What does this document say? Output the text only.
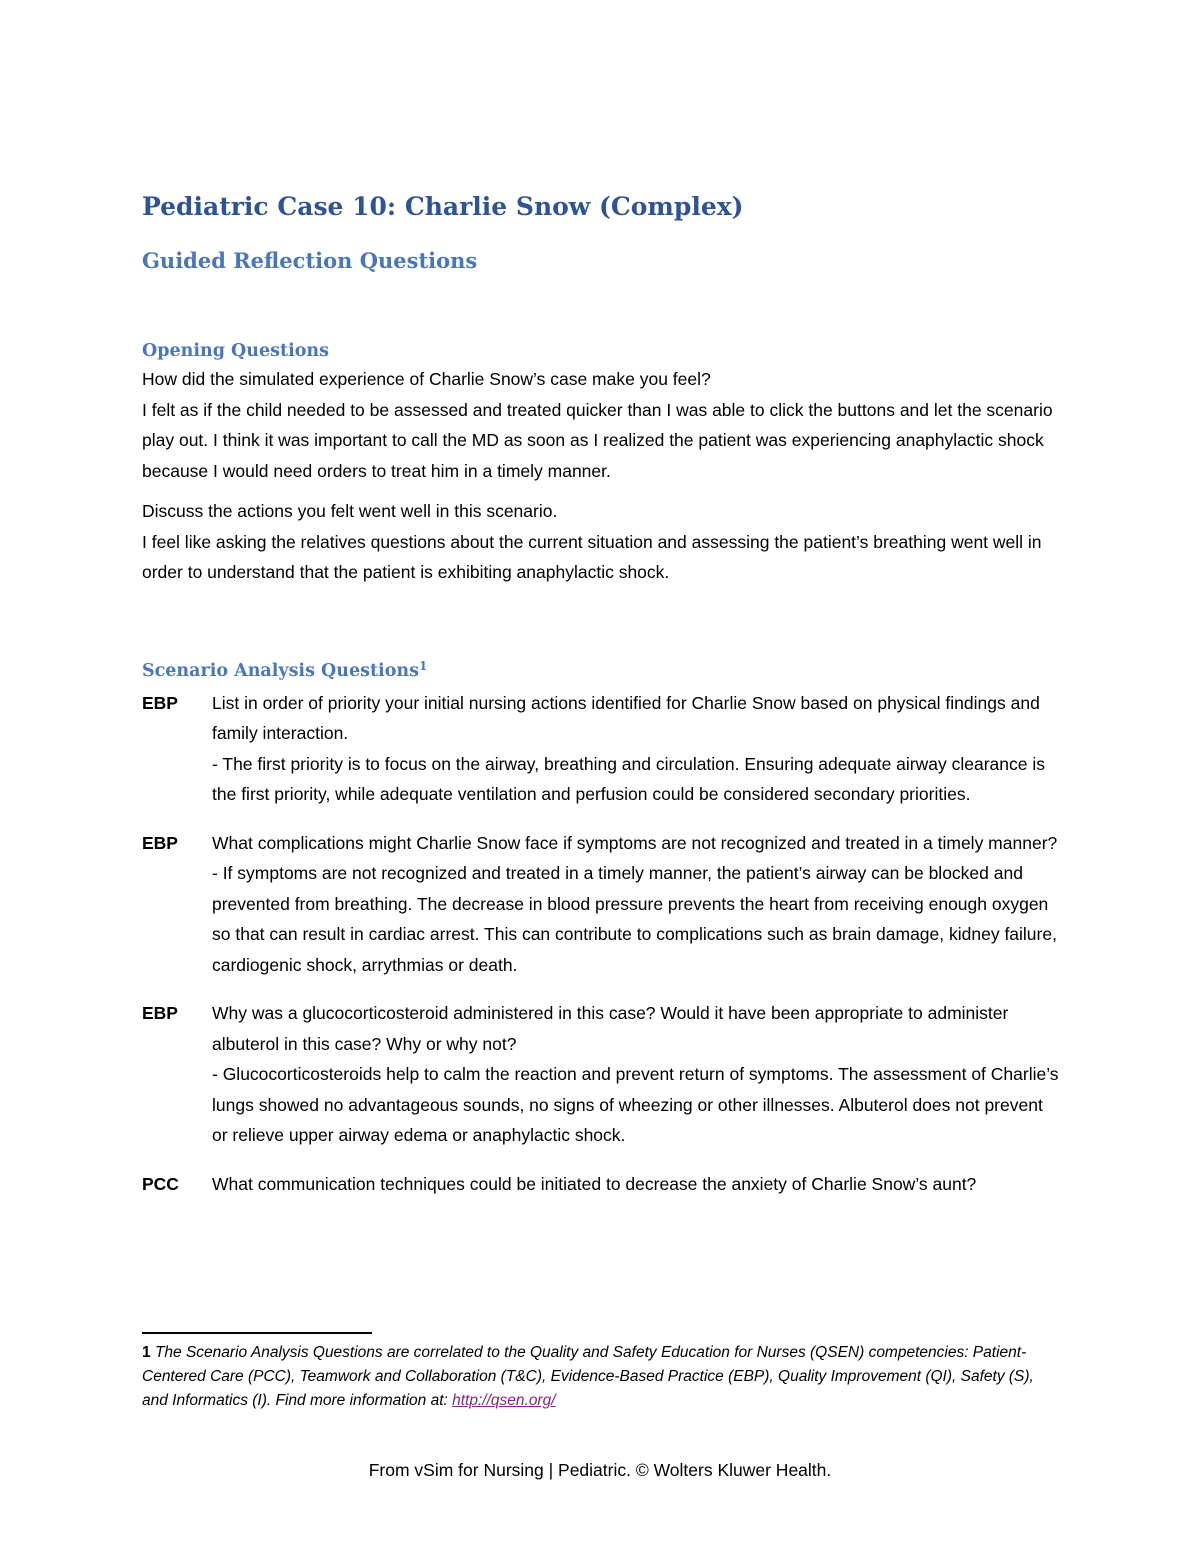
Pediatric Case 10: Charlie Snow (Complex)
Guided Reflection Questions
Opening Questions

How did the simulated experience of Charlie Snow’s case make you feel?

I felt as if the child needed to be assessed and treated quicker than I was able to click the buttons and let the scenario play out. I think it was important to call the MD as soon as I realized the patient was experiencing anaphylactic shock because I would need orders to treat him in a timely manner.

Discuss the actions you felt went well in this scenario.

I feel like asking the relatives questions about the current situation and assessing the patient’s breathing went well in order to understand that the patient is exhibiting anaphylactic shock.

Scenario Analysis Questions$^1$
EBP	List in order of priority your initial nursing actions identified for Charlie Snow based on physical findings and family interaction.
- The first priority is to focus on the airway, breathing and circulation. Ensuring adequate airway clearance is the first priority, while adequate ventilation and perfusion could be considered secondary priorities.
EBP	What complications might Charlie Snow face if symptoms are not recognized and treated in a timely manner?
- If symptoms are not recognized and treated in a timely manner, the patient’s airway can be blocked and prevented from breathing. The decrease in blood pressure prevents the heart from receiving enough oxygen so that can result in cardiac arrest. This can contribute to complications such as brain damage, kidney failure, cardiogenic shock, arrythmias or death.
EBP	Why was a glucocorticosteroid administered in this case? Would it have been appropriate to administer albuterol in this case? Why or why not?
- Glucocorticosteroids help to calm the reaction and prevent return of symptoms. The assessment of Charlie’s lungs showed no advantageous sounds, no signs of wheezing or other illnesses. Albuterol does not prevent or relieve upper airway edema or anaphylactic shock.
PCC	What communication techniques could be initiated to decrease the anxiety of Charlie Snow’s aunt?
1 The Scenario Analysis Questions are correlated to the Quality and Safety Education for Nurses (QSEN) competencies: Patient-Centered Care (PCC), Teamwork and Collaboration (T&C), Evidence-Based Practice (EBP), Quality Improvement (QI), Safety (S), and Informatics (I). Find more information at: http://qsen.org/
From vSim for Nursing | Pediatric. © Wolters Kluwer Health.
